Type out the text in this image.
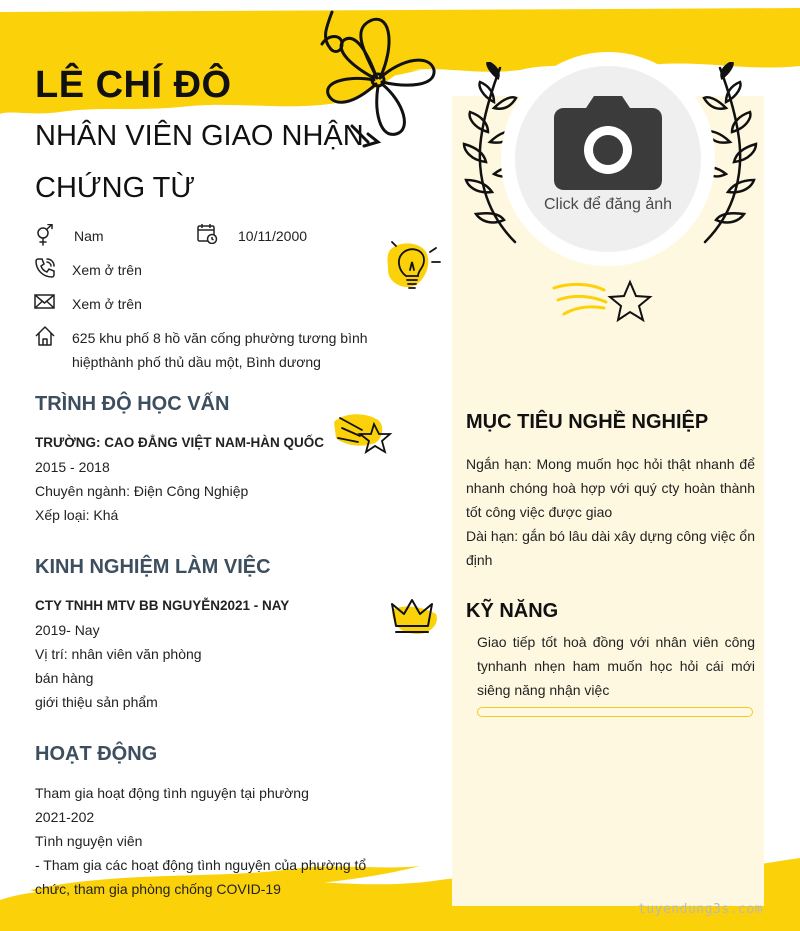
Click để đăng ảnh
LÊ CHÍ ĐÔ
NHÂN VIÊN GIAO NHẬN CHỨNG TỪ
Nam	10/11/2000
Xem ở trên
Xem ở trên
625 khu phố 8 hồ văn cống phường tương bình hiệpthành phố thủ dầu một, Bình dương
TRÌNH ĐỘ HỌC VẤN
TRƯỜNG: CAO ĐẲNG VIỆT NAM-HÀN QUỐC
2015 - 2018
Chuyên ngành: Điện Công Nghiệp
Xếp loại: Khá
KINH NGHIỆM LÀM VIỆC
CTY TNHH MTV BB NGUYỄN2021 - NAY
2019- Nay
Vị trí: nhân viên văn phòng
bán hàng
giới thiệu sản phẩm
HOẠT ĐỘNG
Tham gia hoạt động tình nguyện tại phường
2021-202
Tình nguyện viên
- Tham gia các hoạt động tình nguyện của phường tổ chức, tham gia phòng chống COVID-19
MỤC TIÊU NGHỀ NGHIỆP
Ngắn hạn: Mong muốn học hỏi thật nhanh để nhanh chóng hoà hợp với quý cty hoàn thành tốt công việc được giao
Dài hạn: gắn bó lâu dài xây dựng công việc ổn định
KỸ NĂNG
Giao tiếp tốt hoà đồng với nhân viên công tynhanh nhẹn ham muốn học hỏi cái mới siêng năng nhận việc
tuyendung3s.com
